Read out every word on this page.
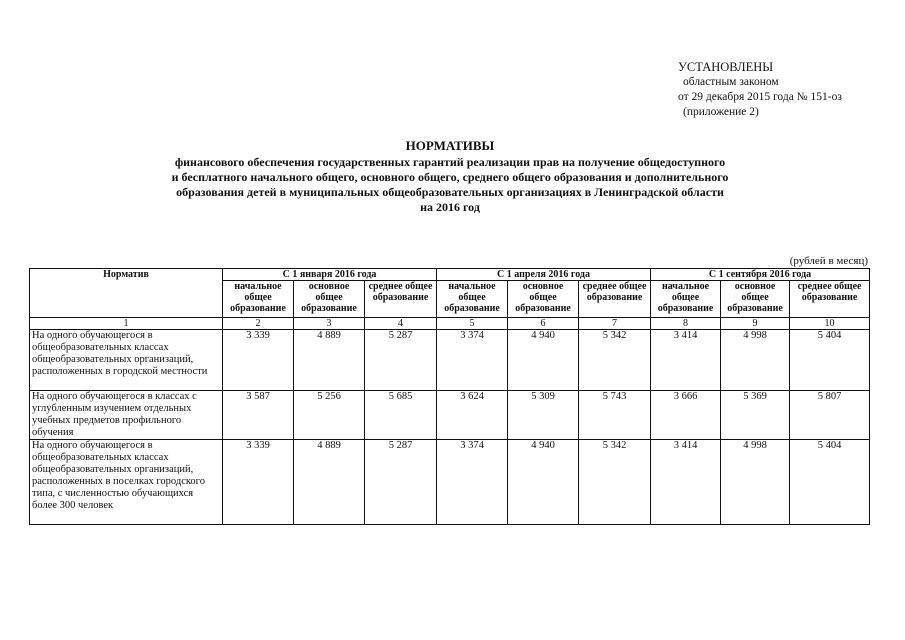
УСТАНОВЛЕНЫ
областным законом
от 29 декабря 2015 года № 151-оз
(приложение 2)
НОРМАТИВЫ
финансового обеспечения государственных гарантий реализации прав на получение общедоступного
и бесплатного начального общего, основного общего, среднего общего образования и дополнительного
образования детей в муниципальных общеобразовательных организациях в Ленинградской области
на 2016 год
(рублей в месяц)
Норматив	С 1 января 2016 года			С 1 апреля 2016 года			С 1 сентября 2016 года		
	начальное общее образование	основное общее образование	среднее общее образование	начальное общее образование	основное общее образование	среднее общее образование	начальное общее образование	основное общее образование	среднее общее образование
1	2	3	4	5	6	7	8	9	10
На одного обучающегося в общеобразовательных классах общеобразовательных организаций, расположенных в городской местности	3 339	4 889	5 287	3 374	4 940	5 342	3 414	4 998	5 404
На одного обучающегося в классах с углубленным изучением отдельных учебных предметов профильного обучения	3 587	5 256	5 685	3 624	5 309	5 743	3 666	5 369	5 807
На одного обучающегося в общеобразовательных классах общеобразовательных организаций, расположенных в поселках городского типа, с численностью обучающихся более 300 человек	3 339	4 889	5 287	3 374	4 940	5 342	3 414	4 998	5 404
